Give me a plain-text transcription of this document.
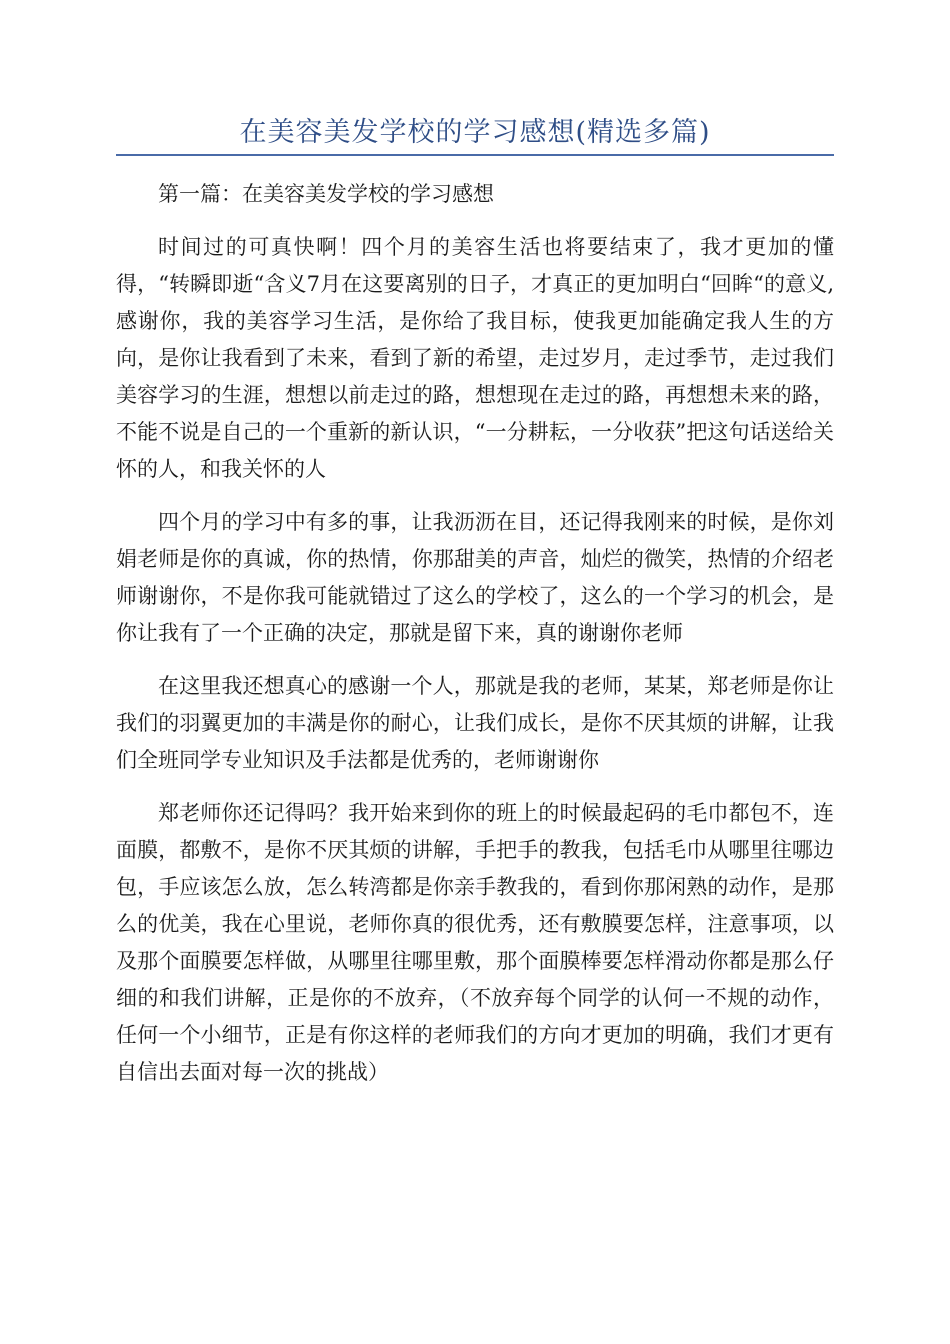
在美容美发学校的学习感想(精选多篇)

第一篇：在美容美发学校的学习感想

时间过的可真快啊！四个月的美容生活也将要结束了，我才更加的懂得，“转瞬即逝“含义7月在这要离别的日子，才真正的更加明白“回眸“的意义,感谢你，我的美容学习生活，是你给了我目标，使我更加能确定我人生的方向，是你让我看到了未来，看到了新的希望，走过岁月，走过季节，走过我们美容学习的生涯，想想以前走过的路，想想现在走过的路，再想想未来的路，不能不说是自己的一个重新的新认识，“一分耕耘，一分收获”把这句话送给关怀的人，和我关怀的人

四个月的学习中有多的事，让我沥沥在目，还记得我刚来的时候，是你刘娟老师是你的真诚，你的热情，你那甜美的声音，灿烂的微笑，热情的介绍老师谢谢你，不是你我可能就错过了这么的学校了，这么的一个学习的机会，是你让我有了一个正确的决定，那就是留下来，真的谢谢你老师

在这里我还想真心的感谢一个人，那就是我的老师，某某，郑老师是你让我们的羽翼更加的丰满是你的耐心，让我们成长，是你不厌其烦的讲解，让我们全班同学专业知识及手法都是优秀的，老师谢谢你

郑老师你还记得吗？我开始来到你的班上的时候最起码的毛巾都包不，连面膜，都敷不，是你不厌其烦的讲解，手把手的教我，包括毛巾从哪里往哪边包，手应该怎么放，怎么转湾都是你亲手教我的，看到你那闲熟的动作，是那么的优美，我在心里说，老师你真的很优秀，还有敷膜要怎样，注意事项，以及那个面膜要怎样做，从哪里往哪里敷，那个面膜棒要怎样滑动你都是那么仔细的和我们讲解，正是你的不放弃，（不放弃每个同学的认何一不规的动作，任何一个小细节，正是有你这样的老师我们的方向才更加的明确，我们才更有自信出去面对每一次的挑战）
